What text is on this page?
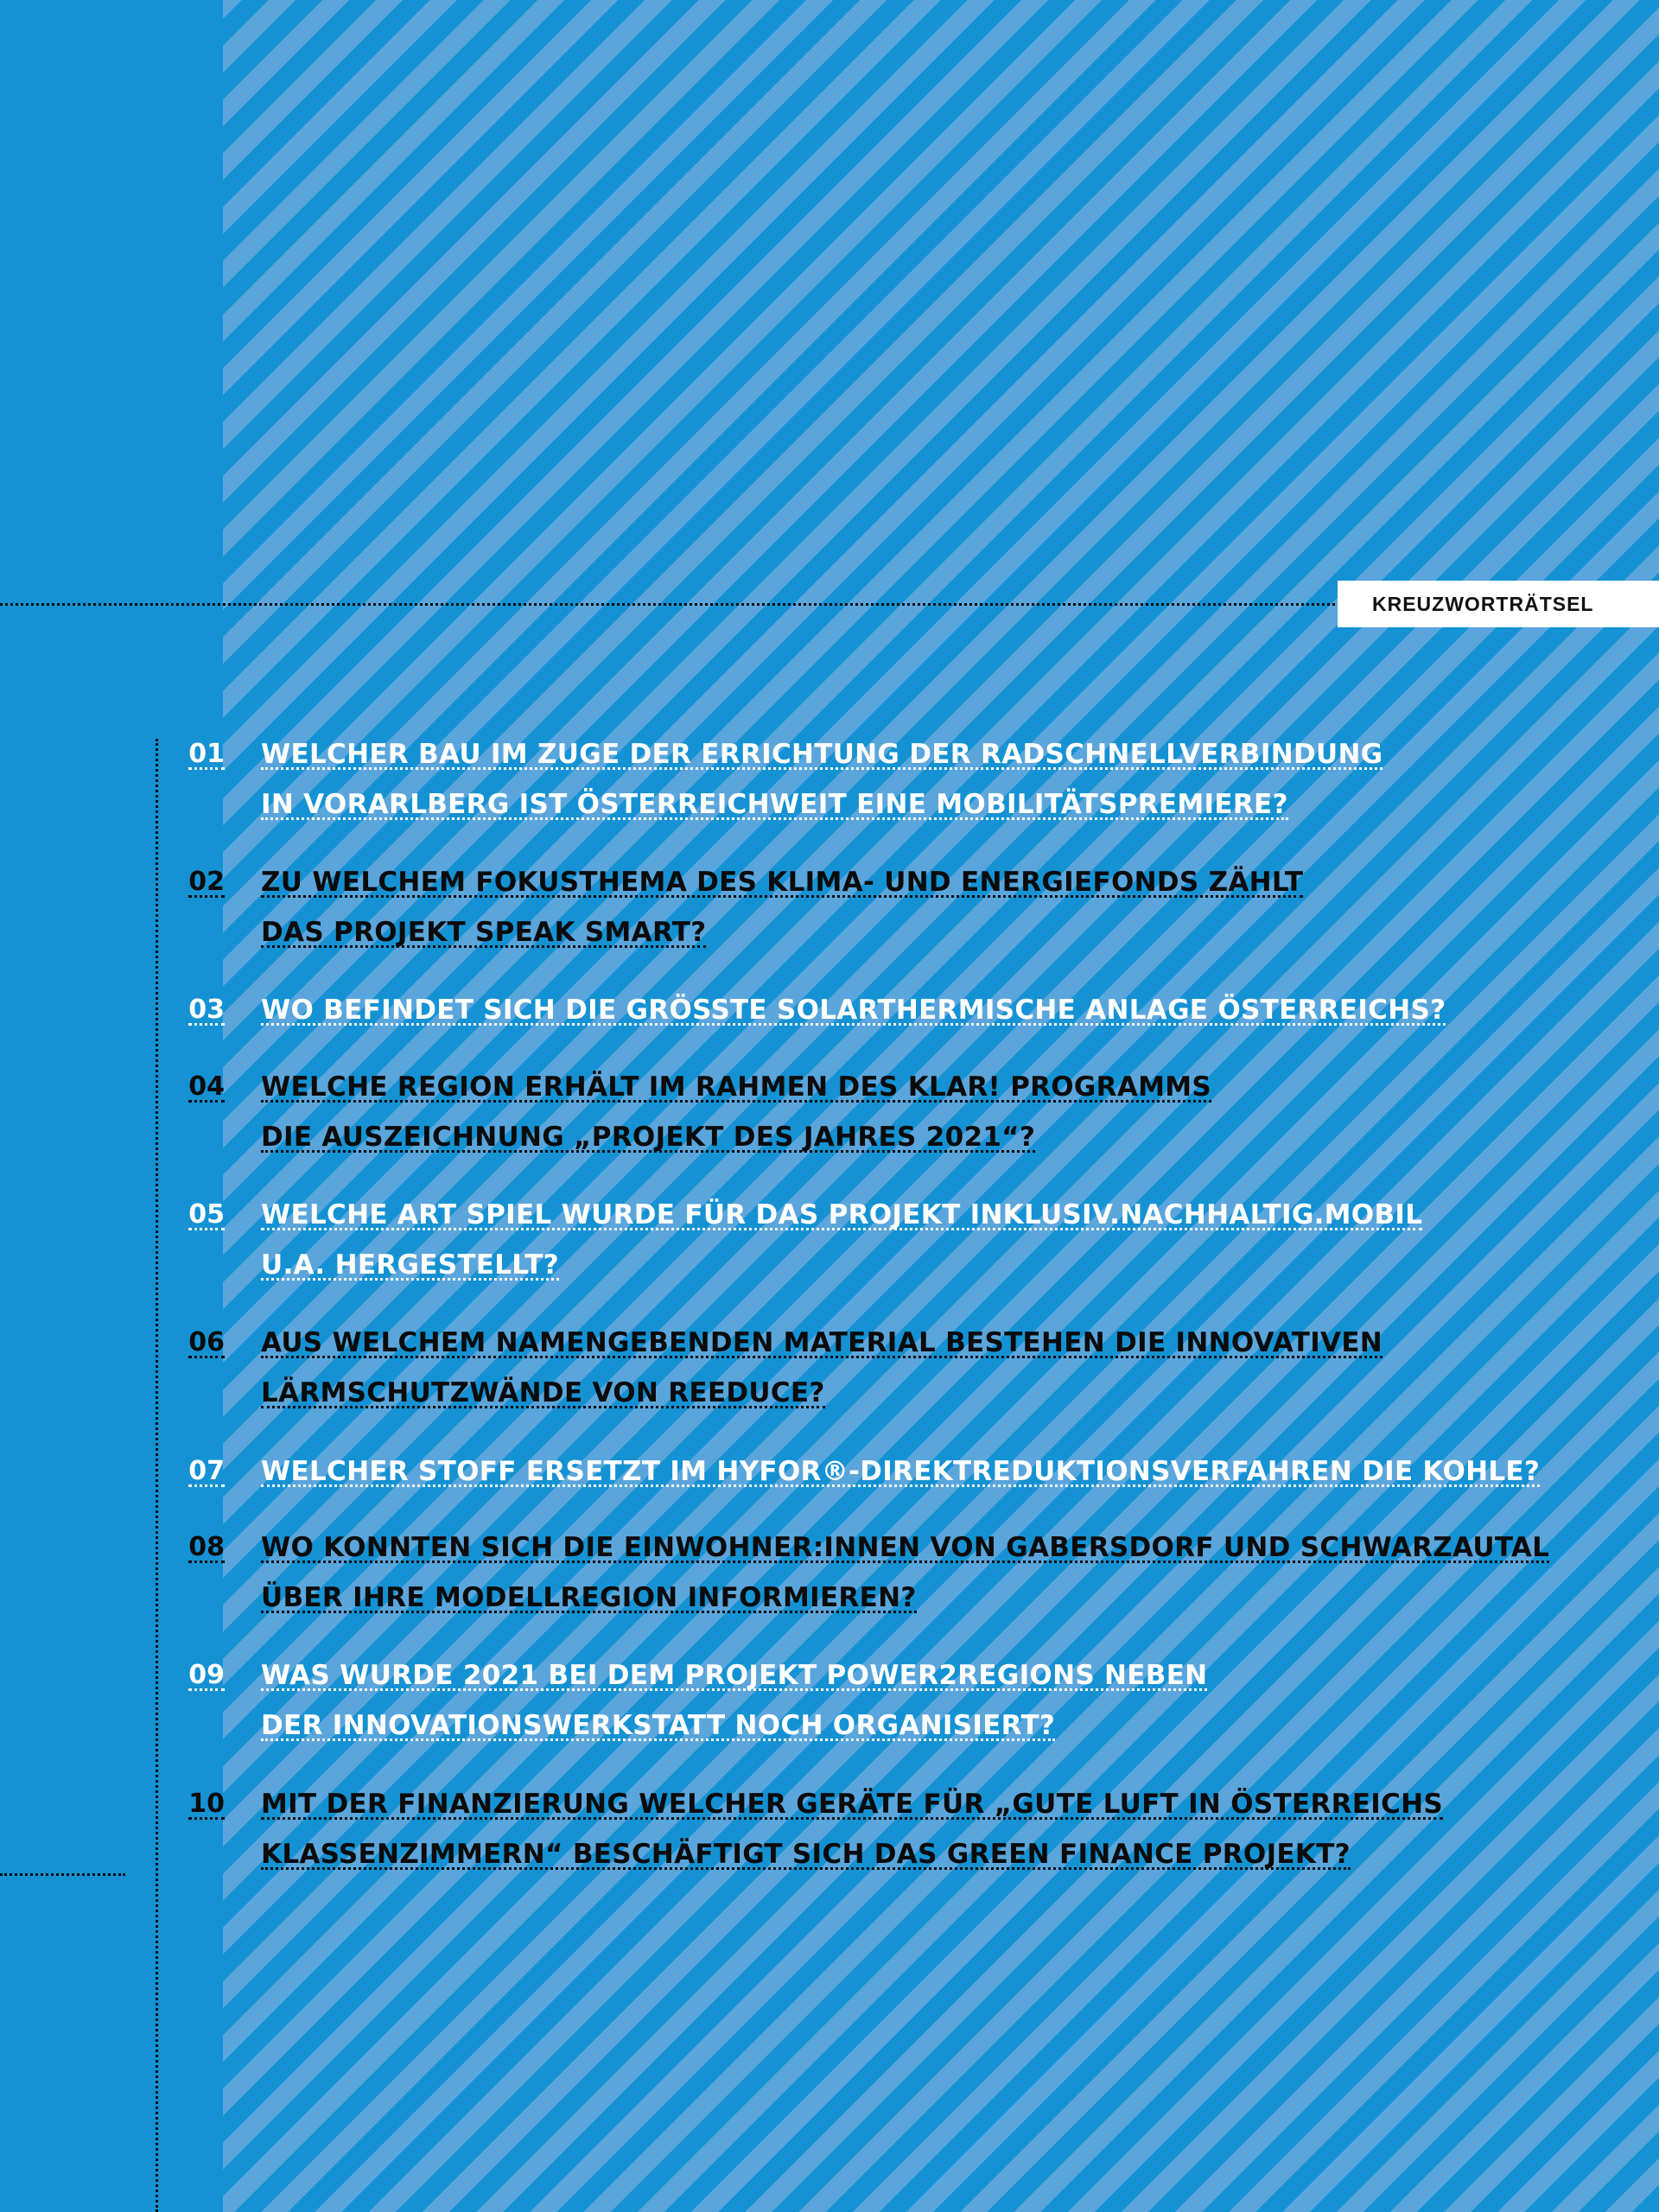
KREUZWORTRÄTSEL
01 WELCHER BAU IM ZUGE DER ERRICHTUNG DER RADSCHNELLVERBINDUNG
IN VORARLBERG IST ÖSTERREICHWEIT EINE MOBILITÄTSPREMIERE?
02 ZU WELCHEM FOKUSTHEMA DES KLIMA- UND ENERGIEFONDS ZÄHLT
DAS PROJEKT SPEAK SMART?
03 WO BEFINDET SICH DIE GRÖSSTE SOLARTHERMISCHE ANLAGE ÖSTERREICHS?
04 WELCHE REGION ERHÄLT IM RAHMEN DES KLAR! PROGRAMMS
DIE AUSZEICHNUNG „PROJEKT DES JAHRES 2021“?
05 WELCHE ART SPIEL WURDE FÜR DAS PROJEKT INKLUSIV.NACHHALTIG.MOBIL
U.A. HERGESTELLT?
06 AUS WELCHEM NAMENGEBENDEN MATERIAL BESTEHEN DIE INNOVATIVEN
LÄRMSCHUTZWÄNDE VON REEDUCE?
07 WELCHER STOFF ERSETZT IM HYFOR®-DIREKTREDUKTIONSVERFAHREN DIE KOHLE?
08 WO KONNTEN SICH DIE EINWOHNER:INNEN VON GABERSDORF UND SCHWARZAUTAL
ÜBER IHRE MODELLREGION INFORMIEREN?
09 WAS WURDE 2021 BEI DEM PROJEKT POWER2REGIONS NEBEN
DER INNOVATIONSWERKSTATT NOCH ORGANISIERT?
10 MIT DER FINANZIERUNG WELCHER GERÄTE FÜR „GUTE LUFT IN ÖSTERREICHS
KLASSENZIMMERN“ BESCHÄFTIGT SICH DAS GREEN FINANCE PROJEKT?
